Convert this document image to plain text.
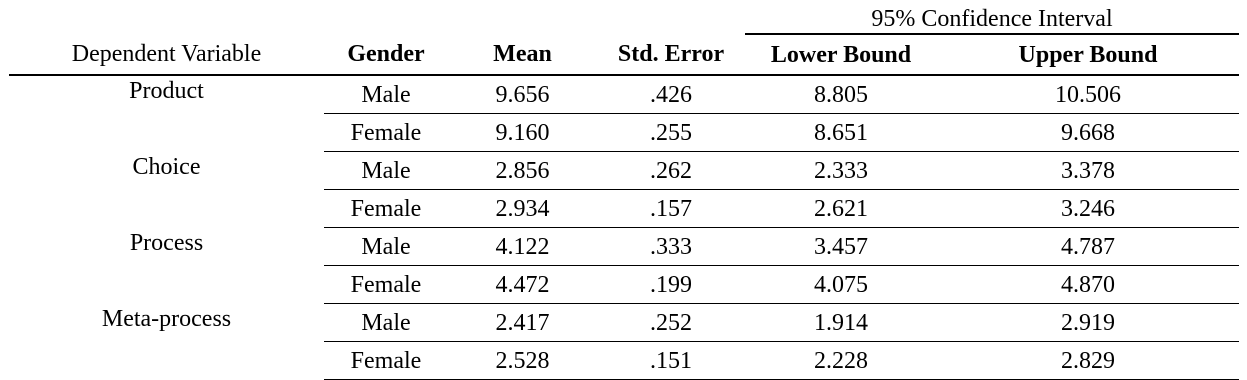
				95% Confidence Interval	
Dependent Variable	Gender	Mean	Std. Error	Lower Bound	Upper Bound
Product	Male	9.656	.426	8.805	10.506
	Female	9.160	.255	8.651	9.668
Choice	Male	2.856	.262	2.333	3.378
	Female	2.934	.157	2.621	3.246
Process	Male	4.122	.333	3.457	4.787
	Female	4.472	.199	4.075	4.870
Meta-process	Male	2.417	.252	1.914	2.919
	Female	2.528	.151	2.228	2.829
